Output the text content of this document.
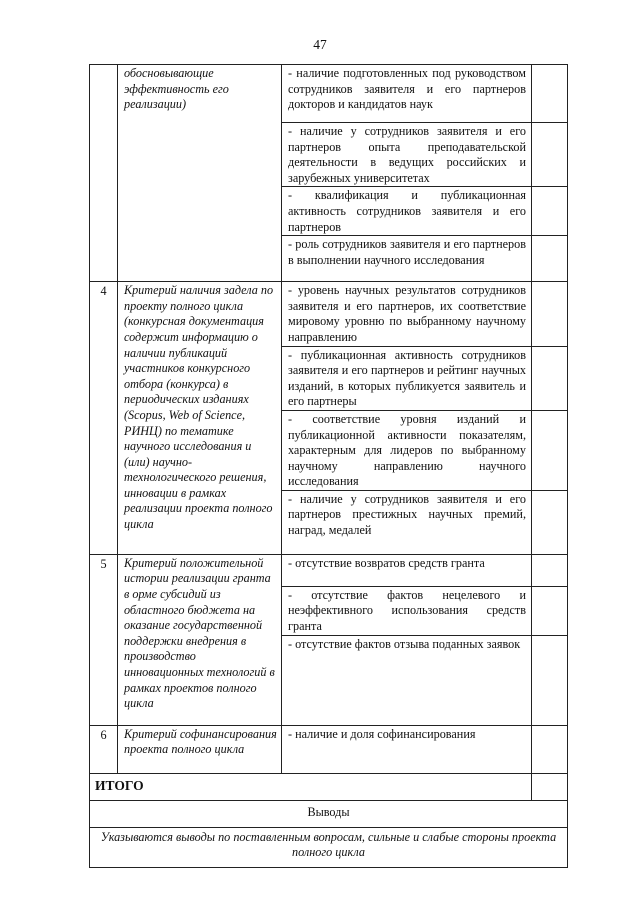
47
	обосновывающие эффективность его реализации)	- наличие подготовленных под руководством сотрудников заявителя и его партнеров докторов и кандидатов наук	
		- наличие у сотрудников заявителя и его партнеров опыта преподавательской деятельности в ведущих российских и зарубежных университетах	
		- квалификация и публикационная активность сотрудников заявителя и его партнеров	
		- роль сотрудников заявителя и его партнеров в выполнении научного исследования	
4	Критерий наличия задела по проекту полного цикла (конкурсная документация содержит информацию о наличии публикаций участников конкурсного отбора (конкурса) в периодических изданиях (Scopus, Web of Science, РИНЦ) по тематике научного исследования и (или) научно-технологического решения, инновации в рамках реализации проекта полного цикла	- уровень научных результатов сотрудников заявителя и его партнеров, их соответствие мировому уровню по выбранному научному направлению	
		- публикационная активность сотрудников заявителя и его партнеров и рейтинг научных изданий, в которых публикуется заявитель и его партнеры	
		- соответствие уровня изданий и публикационной активности показателям, характерным для лидеров по выбранному научному направлению научного исследования	
		- наличие у сотрудников заявителя и его партнеров престижных научных премий, наград, медалей	
5	Критерий положительной истории реализации гранта в орме субсидий из областного бюджета на оказание государственной поддержки внедрения в производство инновационных технологий в рамках проектов полного цикла	- отсутствие возвратов средств гранта	
		- отсутствие фактов нецелевого и неэффективного использования средств гранта	
		- отсутствие фактов отзыва поданных заявок	
6	Критерий софинансирования проекта полного цикла	- наличие и доля софинансирования	
ИТОГО			
Выводы			
Указываются выводы по поставленным вопросам, сильные и слабые стороны проекта полного цикла			
